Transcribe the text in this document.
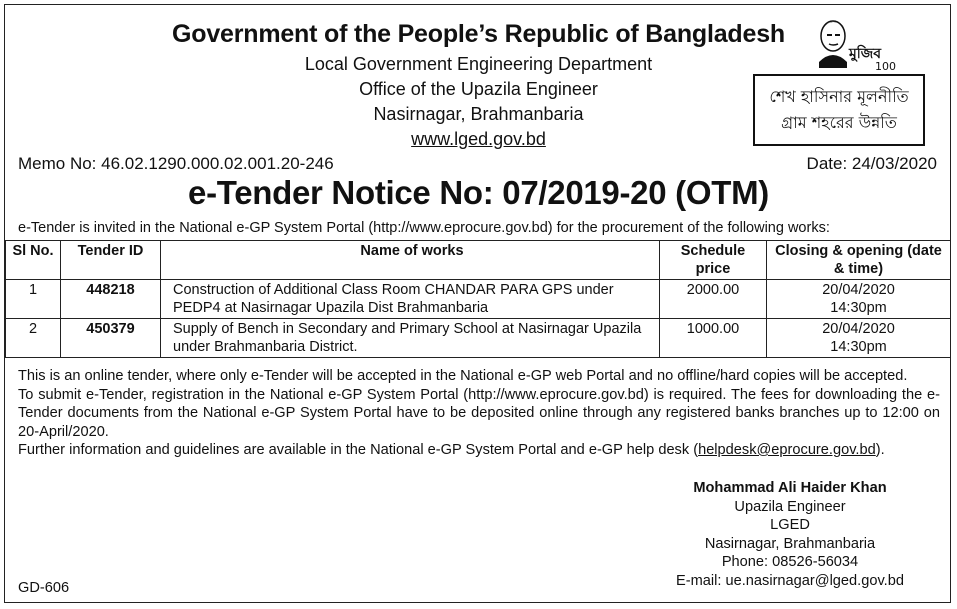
Government of the People’s Republic of Bangladesh
Local Government Engineering Department
Office of the Upazila Engineer
Nasirnagar, Brahmanbaria
www.lged.gov.bd
মুজিব
100
শেখ হাসিনার মূলনীতি
গ্রাম শহরের উন্নতি
Memo No: 46.02.1290.000.02.001.20-246	Date: 24/03/2020
e-Tender Notice No: 07/2019-20 (OTM)
e-Tender is invited in the National e-GP System Portal (http://www.eprocure.gov.bd) for the procurement of the following works:
Sl No.	Tender ID	Name of works	Schedule price	Closing & opening (date & time)
1	448218	Construction of Additional Class Room CHANDAR PARA GPS under PEDP4 at Nasirnagar Upazila Dist Brahmanbaria	2000.00	20/04/2020
14:30pm

2	450379	Supply of Bench in Secondary and Primary School at Nasirnagar Upazila under Brahmanbaria District.	1000.00	20/04/2020
14:30pm

This is an online tender, where only e-Tender will be accepted in the National e-GP web Portal and no offline/hard copies will be accepted.

To submit e-Tender, registration in the National e-GP System Portal (http://www.eprocure.gov.bd) is required. The fees for downloading the e-Tender documents from the National e-GP System Portal have to be deposited online through any registered banks branches up to 12:00 on 20-April/2020.

Further information and guidelines are available in the National e-GP System Portal and e-GP help desk (helpdesk@eprocure.gov.bd).

Mohammad Ali Haider Khan
Upazila Engineer
LGED
Nasirnagar, Brahmanbaria
Phone: 08526-56034
E-mail: ue.nasirnagar@lged.gov.bd
GD-606
